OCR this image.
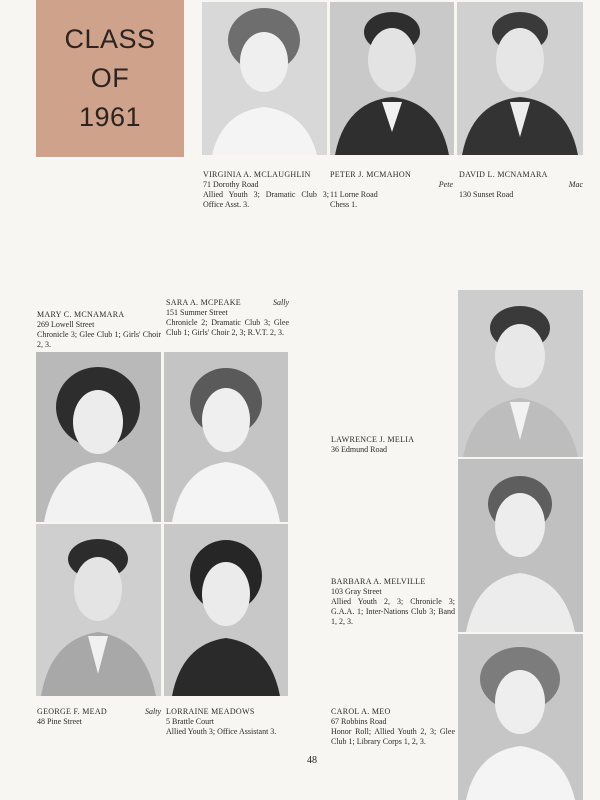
CLASS
OF
1961
VIRGINIA A. MCLAUGHLIN
71 Dorothy Road
Allied Youth 3; Dramatic Club 3; Office Asst. 3.
PETER J. MCMAHON
Pete
11 Lorne Road
Chess 1.
DAVID L. MCNAMARA
Mac
130 Sunset Road
MARY C. MCNAMARA
269 Lowell Street
Chronicle 3; Glee Club 1; Girls' Choir 2, 3.
SARA A. MCPEAKE	Sally
151 Summer Street
Chronicle 2; Dramatic Club 3; Glee Club 1; Girls' Choir 2, 3; R.V.T. 2, 3.
LAWRENCE J. MELIA
36 Edmund Road
BARBARA A. MELVILLE
103 Gray Street
Allied Youth 2, 3; Chronicle 3; G.A.A. 1; Inter-Nations Club 3; Band 1, 2, 3.
CAROL A. MEO
67 Robbins Road
Honor Roll; Allied Youth 2, 3; Glee Club 1; Library Corps 1, 2, 3.
GEORGE F. MEAD	Salty
48 Pine Street
LORRAINE MEADOWS
5 Brattle Court
Allied Youth 3; Office Assistant 3.
48
